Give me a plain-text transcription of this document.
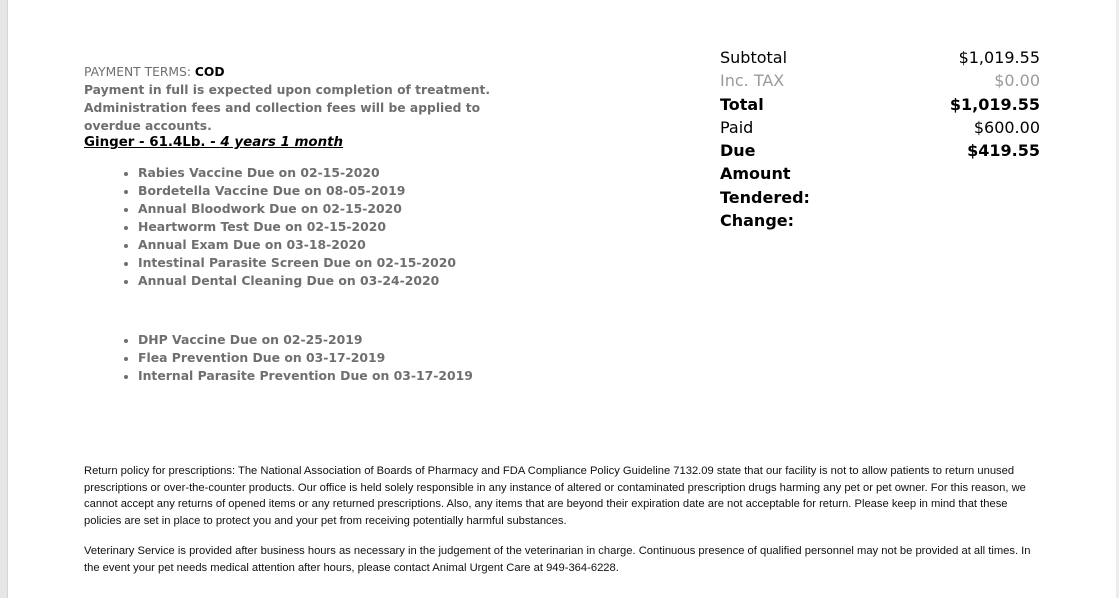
PAYMENT TERMS: COD
Payment in full is expected upon completion of treatment.
Administration fees and collection fees will be applied to
overdue accounts.
Ginger - 61.4Lb. - 4 years 1 month
• Rabies Vaccine Due on 02-15-2020
• Bordetella Vaccine Due on 08-05-2019
• Annual Bloodwork Due on 02-15-2020
• Heartworm Test Due on 02-15-2020
• Annual Exam Due on 03-18-2020
• Intestinal Parasite Screen Due on 02-15-2020
• Annual Dental Cleaning Due on 03-24-2020
• DHP Vaccine Due on 02-25-2019
• Flea Prevention Due on 03-17-2019
• Internal Parasite Prevention Due on 03-17-2019
Subtotal	$1,019.55
Inc. TAX	$0.00
Total	$1,019.55
Paid	$600.00
Due	$419.55
Amount
Tendered:
Change:

Return policy for prescriptions: The National Association of Boards of Pharmacy and FDA Compliance Policy Guideline 7132.09 state that our facility is not to allow patients to return unused prescriptions or over-the-counter products. Our office is held solely responsible in any instance of altered or contaminated prescription drugs harming any pet or pet owner. For this reason, we cannot accept any returns of opened items or any returned prescriptions. Also, any items that are beyond their expiration date are not acceptable for return. Please keep in mind that these policies are set in place to protect you and your pet from receiving potentially harmful substances.

Veterinary Service is provided after business hours as necessary in the judgement of the veterinarian in charge. Continuous presence of qualified personnel may not be provided at all times. In the event your pet needs medical attention after hours, please contact Animal Urgent Care at 949-364-6228.
